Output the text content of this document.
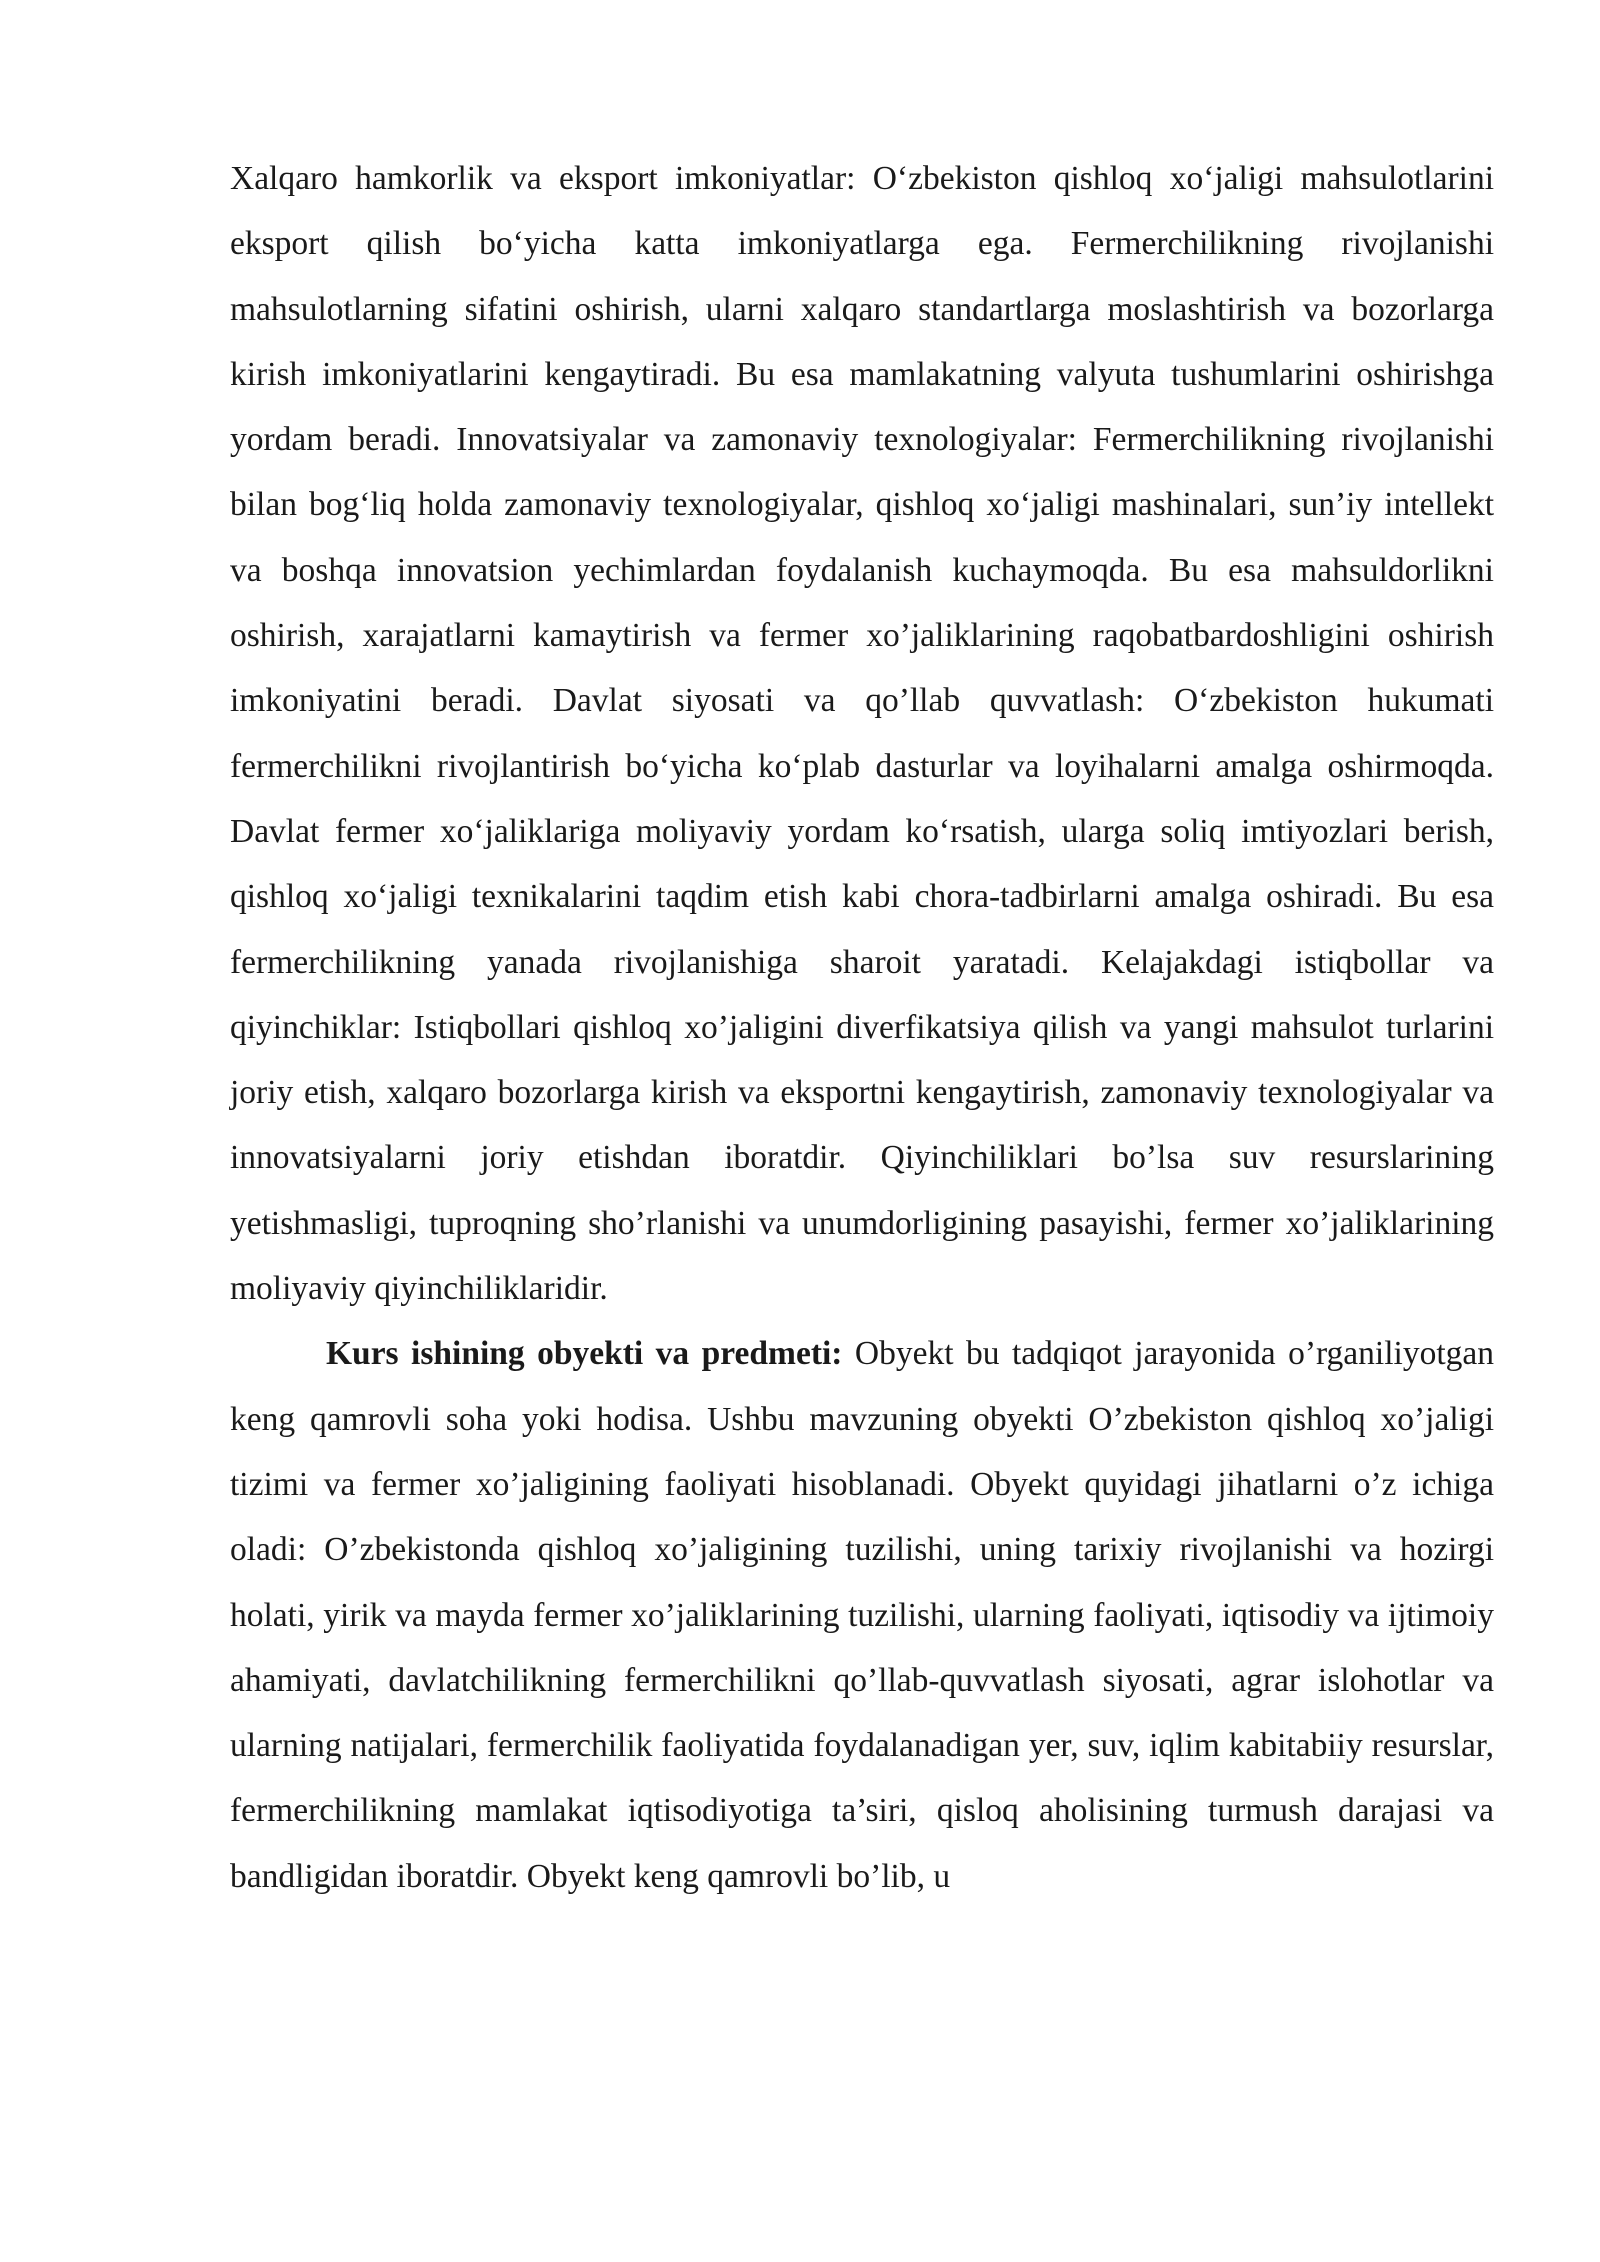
Xalqaro hamkorlik va eksport imkoniyatlar: O‘zbekiston qishloq xo‘jaligi mahsulotlarini eksport qilish bo‘yicha katta imkoniyatlarga ega. Fermerchilikning rivojlanishi mahsulotlarning sifatini oshirish, ularni xalqaro standartlarga moslashtirish va bozorlarga kirish imkoniyatlarini kengaytiradi. Bu esa mamlakatning valyuta tushumlarini oshirishga yordam beradi. Innovatsiyalar va zamonaviy texnologiyalar: Fermerchilikning rivojlanishi bilan bog‘liq holda zamonaviy texnologiyalar, qishloq xo‘jaligi mashinalari, sun’iy intellekt va boshqa innovatsion yechimlardan foydalanish kuchaymoqda. Bu esa mahsuldorlikni oshirish, xarajatlarni kamaytirish va fermer xo’jaliklarining raqobatbardoshligini oshirish imkoniyatini beradi. Davlat siyosati va qo’llab quvvatlash: O‘zbekiston hukumati fermerchilikni rivojlantirish bo‘yicha ko‘plab dasturlar va loyihalarni amalga oshirmoqda. Davlat fermer xo‘jaliklariga moliyaviy yordam ko‘rsatish, ularga soliq imtiyozlari berish, qishloq xo‘jaligi texnikalarini taqdim etish kabi chora-tadbirlarni amalga oshiradi. Bu esa fermerchilikning yanada rivojlanishiga sharoit yaratadi. Kelajakdagi istiqbollar va qiyinchiklar: Istiqbollari qishloq xo’jaligini diverfikatsiya qilish va yangi mahsulot turlarini joriy etish, xalqaro bozorlarga kirish va eksportni kengaytirish, zamonaviy texnologiyalar va innovatsiyalarni joriy etishdan iboratdir. Qiyinchiliklari bo’lsa suv resurslarining yetishmasligi, tuproqning sho’rlanishi va unumdorligining pasayishi, fermer xo’jaliklarining moliyaviy qiyinchiliklaridir.

Kurs ishining obyekti va predmeti: Obyekt bu tadqiqot jarayonida o’rganiliyotgan keng qamrovli soha yoki hodisa. Ushbu mavzuning obyekti O’zbekiston qishloq xo’jaligi tizimi va fermer xo’jaligining faoliyati hisoblanadi. Obyekt quyidagi jihatlarni o’z ichiga oladi: O’zbekistonda qishloq xo’jaligining tuzilishi, uning tarixiy rivojlanishi va hozirgi holati, yirik va mayda fermer xo’jaliklarining tuzilishi, ularning faoliyati, iqtisodiy va ijtimoiy ahamiyati, davlatchilikning fermerchilikni qo’llab-quvvatlash siyosati, agrar islohotlar va ularning natijalari, fermerchilik faoliyatida foydalanadigan yer, suv, iqlim kabitabiiy resurslar, fermerchilikning mamlakat iqtisodiyotiga ta’siri, qisloq aholisining turmush darajasi va bandligidan iboratdir. Obyekt keng qamrovli bo’lib, u
